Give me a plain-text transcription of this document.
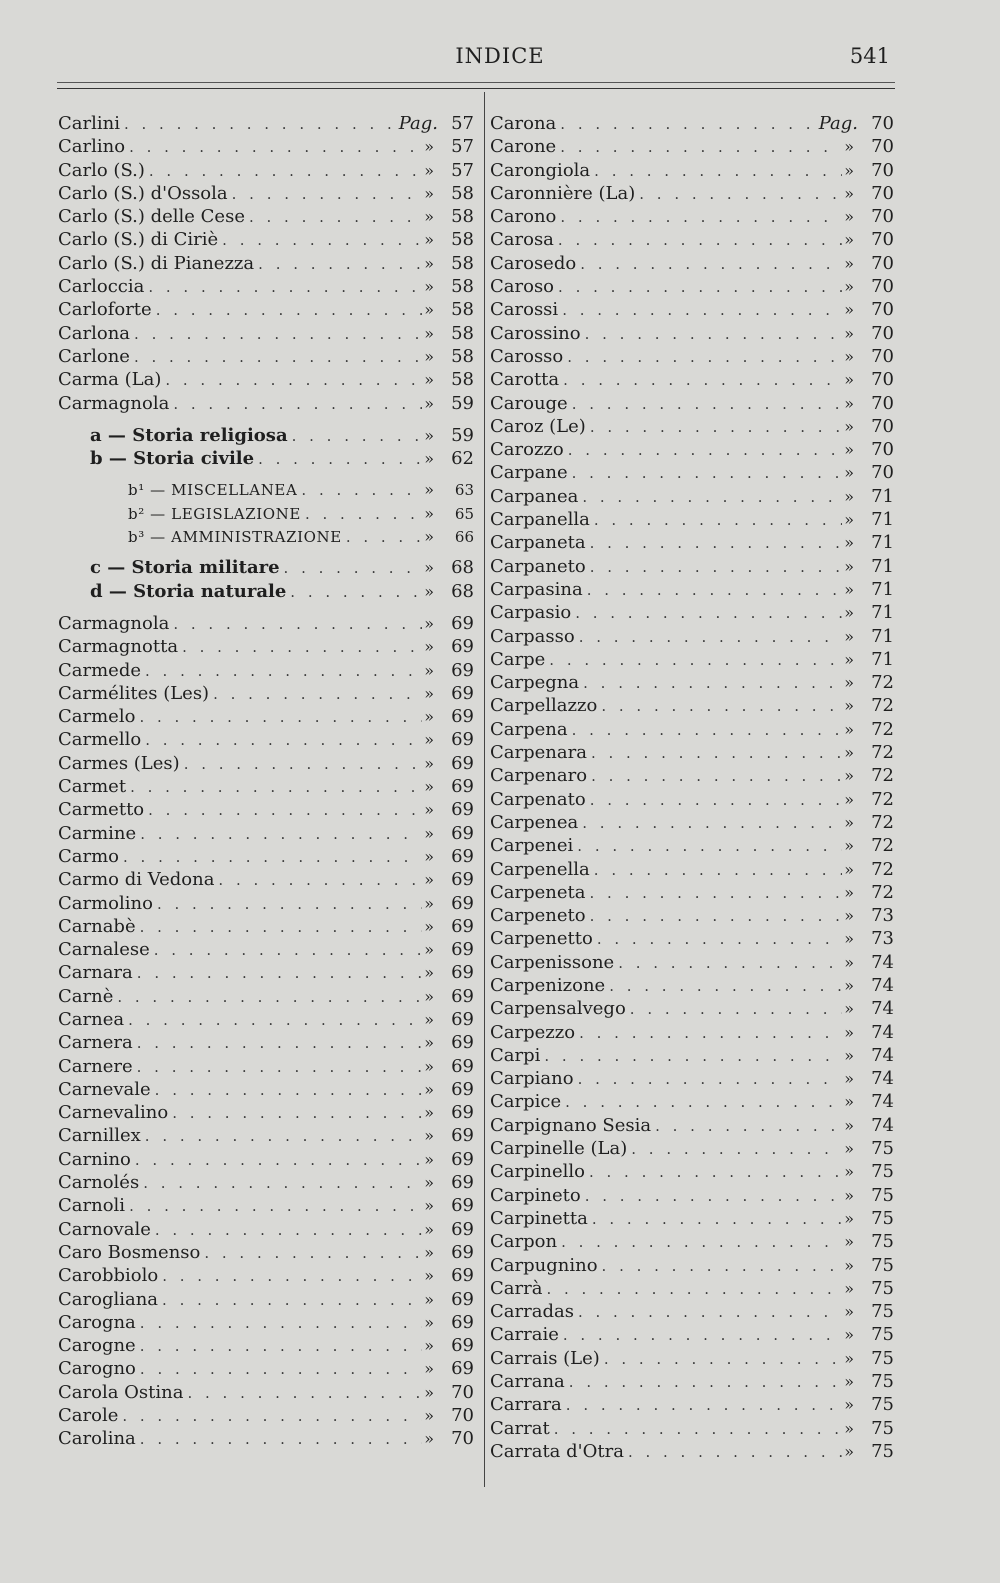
INDICE	541
Carlini . . .	Pag. 57
Carlino . . .	» 57
Carlo (S.) . . .	» 57
Carlo (S.) d'Ossola . . .	» 58
Carlo (S.) delle Cese . . .	» 58
Carlo (S.) di Ciriè . . .	» 58
Carlo (S.) di Pianezza . . .	» 58
Carloccia . . .	» 58
Carloforte . . .	» 58
Carlona . . .	» 58
Carlone . . .	» 58
Carma (La) . . .	» 58
Carmagnola . . .	» 59
a — Storia religiosa . . .	» 59
b — Storia civile . . .	» 62
b¹ — MISCELLANEA . . .	»	63
b² — LEGISLAZIONE . . .	»	65
b³ — AMMINISTRAZIONE . . .	»	66
c — Storia militare . . .	» 68
d — Storia naturale . . .	» 68
Carmagnola . . .	» 69
Carmagnotta . . .	» 69
Carmede . . .	» 69
Carmélites (Les) . . .	» 69
Carmelo . . .	» 69
Carmello . . .	» 69
Carmes (Les) . . .	» 69
Carmet . . .	» 69
Carmetto . . .	» 69
Carmine . . .	» 69
Carmo . . .	» 69
Carmo di Vedona . . .	» 69
Carmolino . . .	» 69
Carnabè . . .	» 69
Carnalese . . .	» 69
Carnara . . .	» 69
Carnè . . .	» 69
Carnea . . .	» 69
Carnera . . .	» 69
Carnere . . .	» 69
Carnevale . . .	» 69
Carnevalino . . .	» 69
Carnillex . . .	» 69
Carnino . . .	» 69
Carnolés . . .	» 69
Carnoli . . .	» 69
Carnovale . . .	» 69
Caro Bosmenso . . .	» 69
Carobbiolo . . .	» 69
Carogliana . . .	» 69
Carogna . . .	» 69
Carogne . . .	» 69
Carogno . . .	» 69
Carola Ostina . . .	» 70
Carole . . .	» 70
Carolina . . .	» 70
Carona . . .	Pag. 70
Carone . . .	» 70
Carongiola . . .	» 70
Caronnière (La) . . .	» 70
Carono . . .	» 70
Carosa . . .	» 70
Carosedo . . .	» 70
Caroso . . .	» 70
Carossi . . .	» 70
Carossino . . .	» 70
Carosso . . .	» 70
Carotta . . .	» 70
Carouge . . .	» 70
Caroz (Le) . . .	» 70
Carozzo . . .	» 70
Carpane . . .	» 70
Carpanea . . .	» 71
Carpanella . . .	» 71
Carpaneta . . .	» 71
Carpaneto . . .	» 71
Carpasina . . .	» 71
Carpasio . . .	» 71
Carpasso . . .	» 71
Carpe . . .	» 71
Carpegna . . .	» 72
Carpellazzo . . .	» 72
Carpena . . .	» 72
Carpenara . . .	» 72
Carpenaro . . .	» 72
Carpenato . . .	» 72
Carpenea . . .	» 72
Carpenei . . .	» 72
Carpenella . . .	» 72
Carpeneta . . .	» 72
Carpeneto . . .	» 73
Carpenetto . . .	» 73
Carpenissone . . .	» 74
Carpenizone . . .	» 74
Carpensalvego . . .	» 74
Carpezzo . . .	» 74
Carpi . . .	» 74
Carpiano . . .	» 74
Carpice . . .	» 74
Carpignano Sesia . . .	» 74
Carpinelle (La) . . .	» 75
Carpinello . . .	» 75
Carpineto . . .	» 75
Carpinetta . . .	» 75
Carpon . . .	» 75
Carpugnino . . .	» 75
Carrà . . .	» 75
Carradas . . .	» 75
Carraie . . .	» 75
Carrais (Le) . . .	» 75
Carrana . . .	» 75
Carrara . . .	» 75
Carrat . . .	» 75
Carrata d'Otra . . .	» 75
